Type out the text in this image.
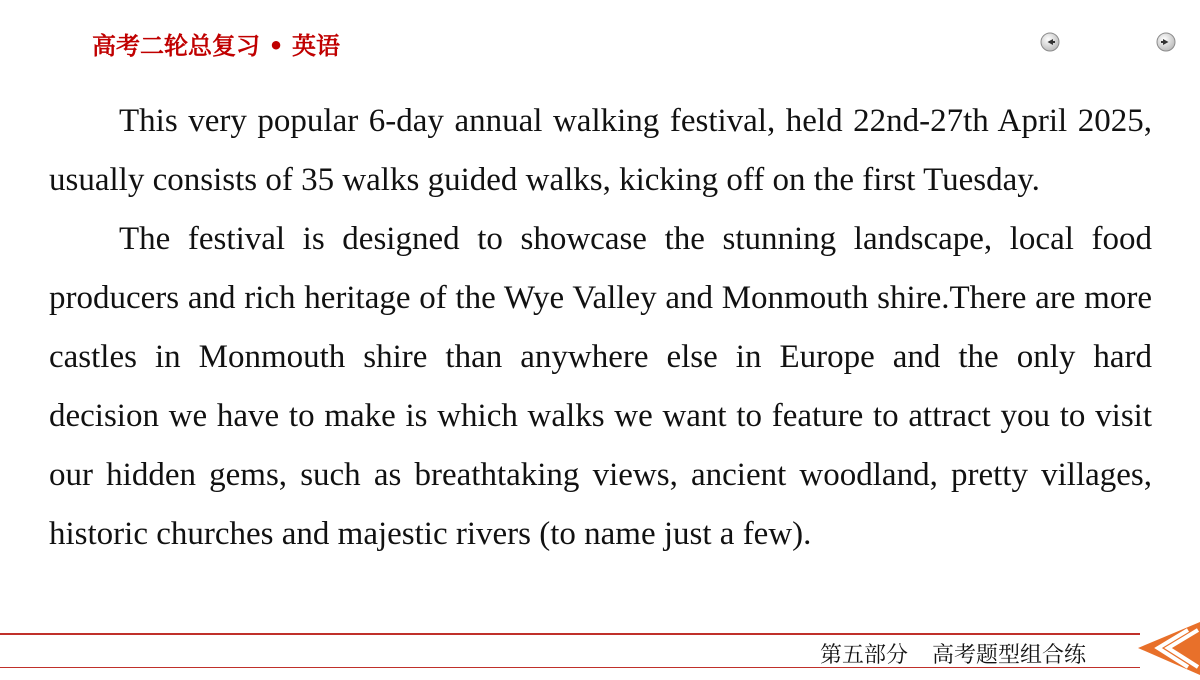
高考二轮总复习 • 英语

This very popular 6-day annual walking festival, held 22nd-27th April 2025, usually consists of 35 walks guided walks, kicking off on the first Tuesday.

The festival is designed to showcase the stunning landscape, local food producers and rich heritage of the Wye Valley and Monmouth shire.There are more castles in Monmouth shire than anywhere else in Europe and the only hard decision we have to make is which walks we want to feature to attract you to visit our hidden gems, such as breathtaking views, ancient woodland, pretty villages, historic churches and majestic rivers (to name just a few).

第五部分 高考题型组合练
